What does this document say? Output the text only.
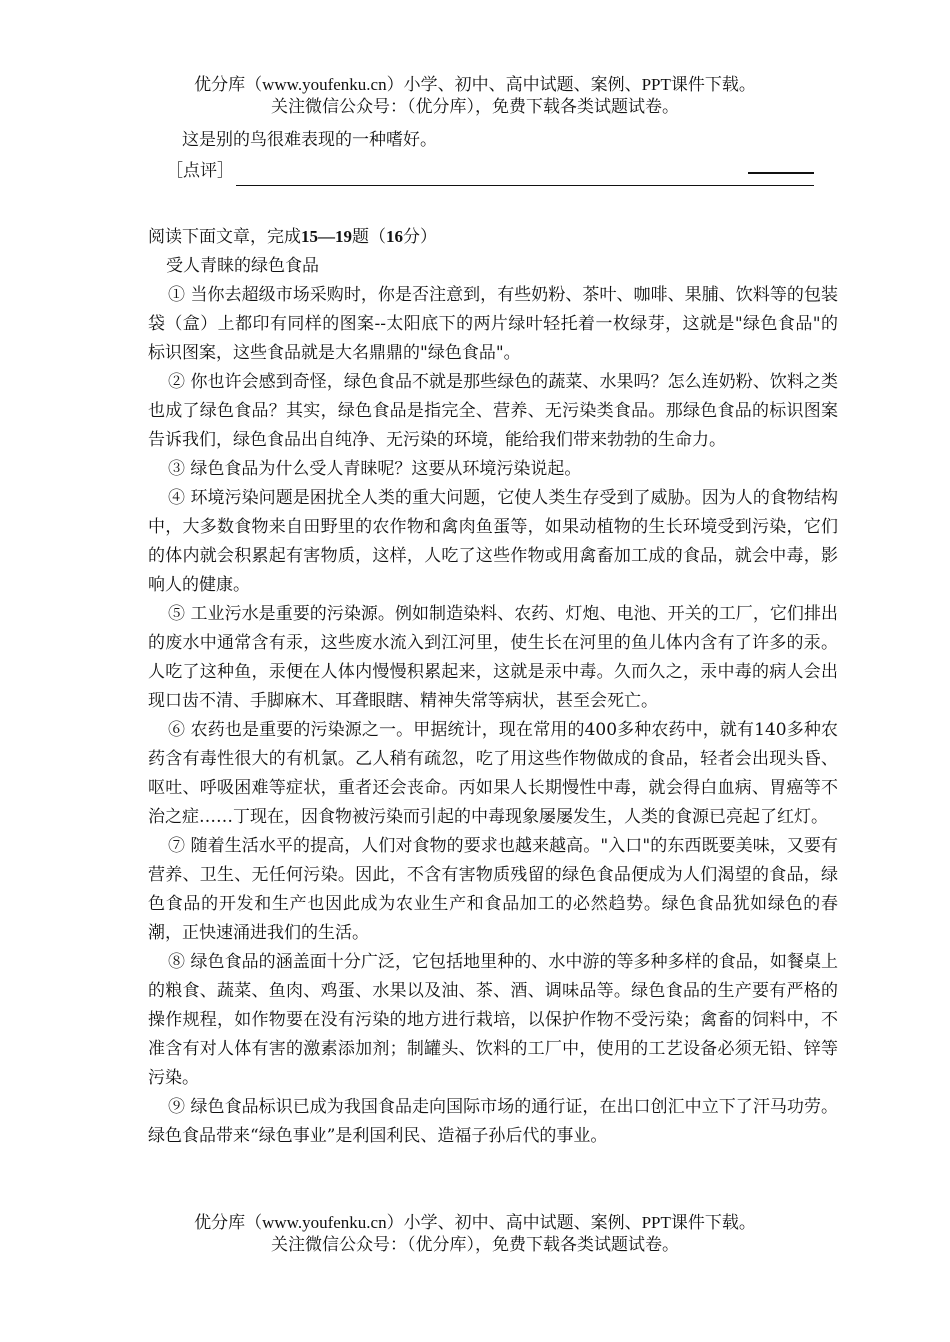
优分库（www.youfenku.cn）小学、初中、高中试题、案例、PPT课件下载。
关注微信公众号：（优分库），免费下载各类试题试卷。

这是别的鸟很难表现的一种嗜好。

［点评］

阅读下面文章，完成15—19题（16分）

受人青睐的绿色食品

① 当你去超级市场采购时，你是否注意到，有些奶粉、茶叶、咖啡、果脯、饮料等的包装袋（盒）上都印有同样的图案--太阳底下的两片绿叶轻托着一枚绿芽，这就是"绿色食品"的标识图案，这些食品就是大名鼎鼎的"绿色食品"。

② 你也许会感到奇怪，绿色食品不就是那些绿色的蔬菜、水果吗？怎么连奶粉、饮料之类也成了绿色食品？其实，绿色食品是指完全、营养、无污染类食品。那绿色食品的标识图案告诉我们，绿色食品出自纯净、无污染的环境，能给我们带来勃勃的生命力。

③ 绿色食品为什么受人青睐呢？这要从环境污染说起。

④ 环境污染问题是困扰全人类的重大问题，它使人类生存受到了威胁。因为人的食物结构中，大多数食物来自田野里的农作物和禽肉鱼蛋等，如果动植物的生长环境受到污染，它们的体内就会积累起有害物质，这样，人吃了这些作物或用禽畜加工成的食品，就会中毒，影响人的健康。

⑤ 工业污水是重要的污染源。例如制造染料、农药、灯炮、电池、开关的工厂，它们排出的废水中通常含有汞，这些废水流入到江河里，使生长在河里的鱼儿体内含有了许多的汞。人吃了这种鱼，汞便在人体内慢慢积累起来，这就是汞中毒。久而久之，汞中毒的病人会出现口齿不清、手脚麻木、耳聋眼瞎、精神失常等病状，甚至会死亡。

⑥ 农药也是重要的污染源之一。甲据统计，现在常用的400多种农药中，就有140多种农药含有毒性很大的有机氯。乙人稍有疏忽，吃了用这些作物做成的食品，轻者会出现头昏、呕吐、呼吸困难等症状，重者还会丧命。丙如果人长期慢性中毒，就会得白血病、胃癌等不治之症……丁现在，因食物被污染而引起的中毒现象屡屡发生，人类的食源已亮起了红灯。

⑦ 随着生活水平的提高，人们对食物的要求也越来越高。"入口"的东西既要美味，又要有营养、卫生、无任何污染。因此，不含有害物质残留的绿色食品便成为人们渴望的食品，绿色食品的开发和生产也因此成为农业生产和食品加工的必然趋势。绿色食品犹如绿色的春潮，正快速涌进我们的生活。

⑧ 绿色食品的涵盖面十分广泛，它包括地里种的、水中游的等多种多样的食品，如餐桌上的粮食、蔬菜、鱼肉、鸡蛋、水果以及油、茶、酒、调味品等。绿色食品的生产要有严格的操作规程，如作物要在没有污染的地方进行栽培，以保护作物不受污染；禽畜的饲料中，不准含有对人体有害的激素添加剂；制罐头、饮料的工厂中，使用的工艺设备必须无铅、锌等污染。

⑨ 绿色食品标识已成为我国食品走向国际市场的通行证，在出口创汇中立下了汗马功劳。绿色食品带来“绿色事业”是利国利民、造福子孙后代的事业。

优分库（www.youfenku.cn）小学、初中、高中试题、案例、PPT课件下载。
关注微信公众号：（优分库），免费下载各类试题试卷。
